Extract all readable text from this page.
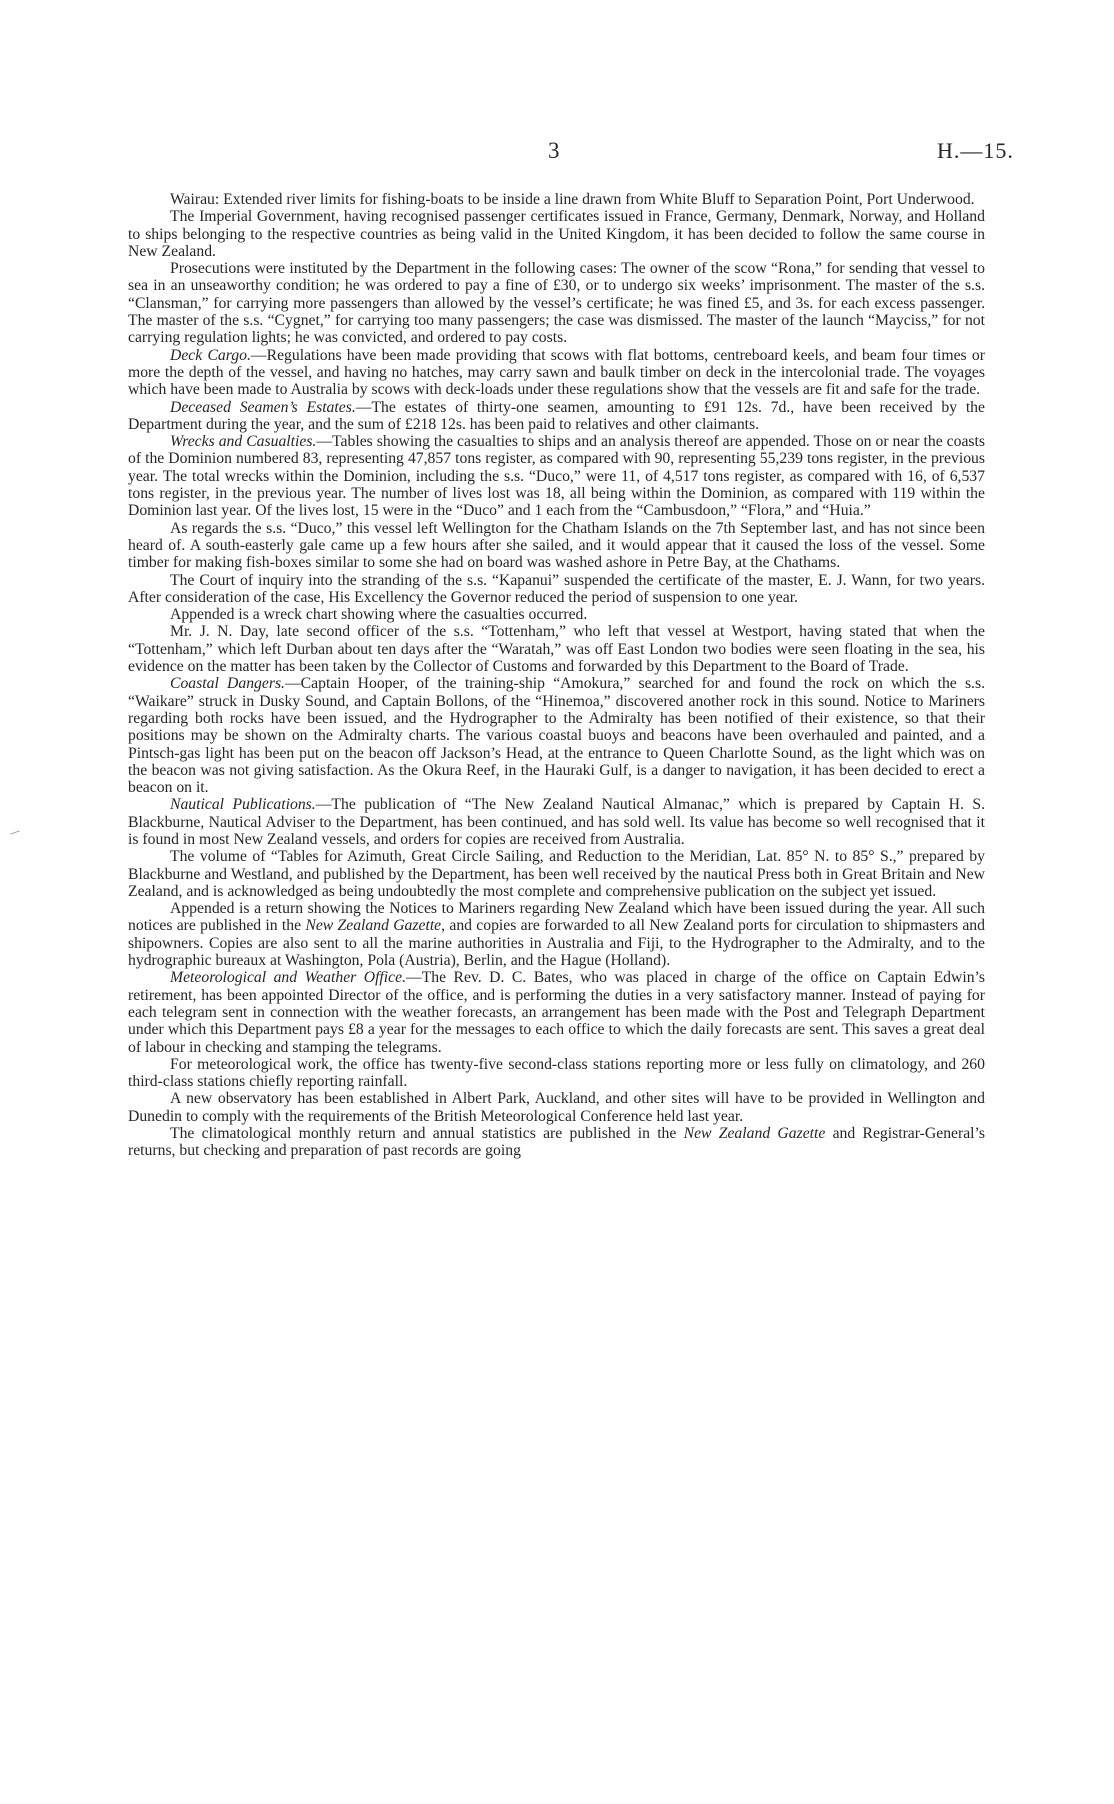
3	H.—15.

Wairau: Extended river limits for fishing-boats to be inside a line drawn from White Bluff to Separation Point, Port Underwood.

The Imperial Government, having recognised passenger certificates issued in France, Germany, Denmark, Norway, and Holland to ships belonging to the respective countries as being valid in the United Kingdom, it has been decided to follow the same course in New Zealand.

Prosecutions were instituted by the Department in the following cases: The owner of the scow “Rona,” for sending that vessel to sea in an unseaworthy condition; he was ordered to pay a fine of £30, or to undergo six weeks’ imprisonment. The master of the s.s. “Clansman,” for carrying more passengers than allowed by the vessel’s certificate; he was fined £5, and 3s. for each excess passenger. The master of the s.s. “Cygnet,” for carrying too many passengers; the case was dismissed. The master of the launch “Mayciss,” for not carrying regulation lights; he was convicted, and ordered to pay costs.

Deck Cargo.—Regulations have been made providing that scows with flat bottoms, centreboard keels, and beam four times or more the depth of the vessel, and having no hatches, may carry sawn and baulk timber on deck in the intercolonial trade. The voyages which have been made to Australia by scows with deck-loads under these regulations show that the vessels are fit and safe for the trade.

Deceased Seamen’s Estates.—The estates of thirty-one seamen, amounting to £91 12s. 7d., have been received by the Department during the year, and the sum of £218 12s. has been paid to relatives and other claimants.

Wrecks and Casualties.—Tables showing the casualties to ships and an analysis thereof are appended. Those on or near the coasts of the Dominion numbered 83, representing 47,857 tons register, as compared with 90, representing 55,239 tons register, in the previous year. The total wrecks within the Dominion, including the s.s. “Duco,” were 11, of 4,517 tons register, as compared with 16, of 6,537 tons register, in the previous year. The number of lives lost was 18, all being within the Dominion, as compared with 119 within the Dominion last year. Of the lives lost, 15 were in the “Duco” and 1 each from the “Cambusdoon,” “Flora,” and “Huia.”

As regards the s.s. “Duco,” this vessel left Wellington for the Chatham Islands on the 7th September last, and has not since been heard of. A south-easterly gale came up a few hours after she sailed, and it would appear that it caused the loss of the vessel. Some timber for making fish-boxes similar to some she had on board was washed ashore in Petre Bay, at the Chathams.

The Court of inquiry into the stranding of the s.s. “Kapanui” suspended the certificate of the master, E. J. Wann, for two years. After consideration of the case, His Excellency the Governor reduced the period of suspension to one year.

Appended is a wreck chart showing where the casualties occurred.

Mr. J. N. Day, late second officer of the s.s. “Tottenham,” who left that vessel at Westport, having stated that when the “Tottenham,” which left Durban about ten days after the “Waratah,” was off East London two bodies were seen floating in the sea, his evidence on the matter has been taken by the Collector of Customs and forwarded by this Department to the Board of Trade.

Coastal Dangers.—Captain Hooper, of the training-ship “Amokura,” searched for and found the rock on which the s.s. “Waikare” struck in Dusky Sound, and Captain Bollons, of the “Hinemoa,” discovered another rock in this sound. Notice to Mariners regarding both rocks have been issued, and the Hydrographer to the Admiralty has been notified of their existence, so that their positions may be shown on the Admiralty charts. The various coastal buoys and beacons have been overhauled and painted, and a Pintsch-gas light has been put on the beacon off Jackson’s Head, at the entrance to Queen Charlotte Sound, as the light which was on the beacon was not giving satisfaction. As the Okura Reef, in the Hauraki Gulf, is a danger to navigation, it has been decided to erect a beacon on it.

Nautical Publications.—The publication of “The New Zealand Nautical Almanac,” which is prepared by Captain H. S. Blackburne, Nautical Adviser to the Department, has been continued, and has sold well. Its value has become so well recognised that it is found in most New Zealand vessels, and orders for copies are received from Australia.

The volume of “Tables for Azimuth, Great Circle Sailing, and Reduction to the Meridian, Lat. 85° N. to 85° S.,” prepared by Blackburne and Westland, and published by the Department, has been well received by the nautical Press both in Great Britain and New Zealand, and is acknowledged as being undoubtedly the most complete and comprehensive publication on the subject yet issued.

Appended is a return showing the Notices to Mariners regarding New Zealand which have been issued during the year. All such notices are published in the New Zealand Gazette, and copies are forwarded to all New Zealand ports for circulation to shipmasters and shipowners. Copies are also sent to all the marine authorities in Australia and Fiji, to the Hydrographer to the Admiralty, and to the hydrographic bureaux at Washington, Pola (Austria), Berlin, and the Hague (Holland).

Meteorological and Weather Office.—The Rev. D. C. Bates, who was placed in charge of the office on Captain Edwin’s retirement, has been appointed Director of the office, and is performing the duties in a very satisfactory manner. Instead of paying for each telegram sent in connection with the weather forecasts, an arrangement has been made with the Post and Telegraph Department under which this Department pays £8 a year for the messages to each office to which the daily forecasts are sent. This saves a great deal of labour in checking and stamping the telegrams.

For meteorological work, the office has twenty-five second-class stations reporting more or less fully on climatology, and 260 third-class stations chiefly reporting rainfall.

A new observatory has been established in Albert Park, Auckland, and other sites will have to be provided in Wellington and Dunedin to comply with the requirements of the British Meteorological Conference held last year.

The climatological monthly return and annual statistics are published in the New Zealand Gazette and Registrar-General’s returns, but checking and preparation of past records are going
